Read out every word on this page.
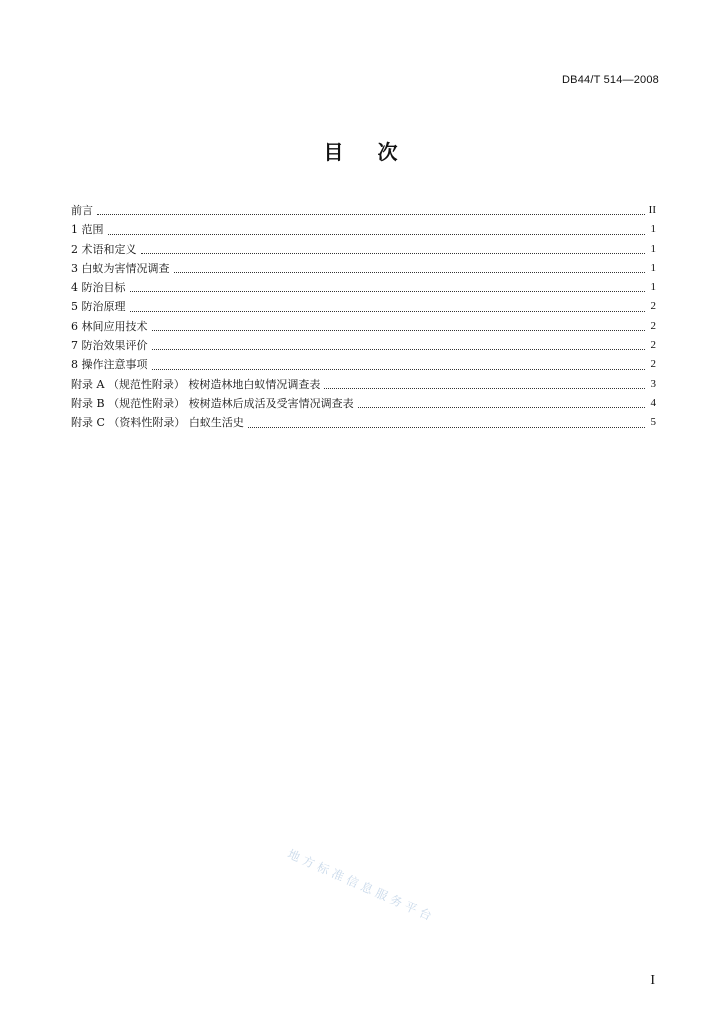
DB44/T 514—2008
目次
前言	II
1 范围	1
2 术语和定义	1
3 白蚁为害情况调查	1
4 防治目标	1
5 防治原理	2
6 林间应用技术	2
7 防治效果评价	2
8 操作注意事项	2
附录 A （规范性附录） 桉树造林地白蚁情况调查表	3
附录 B （规范性附录） 桉树造林后成活及受害情况调查表	4
附录 C （资料性附录） 白蚁生活史	5
地方标准信息服务平台
I
